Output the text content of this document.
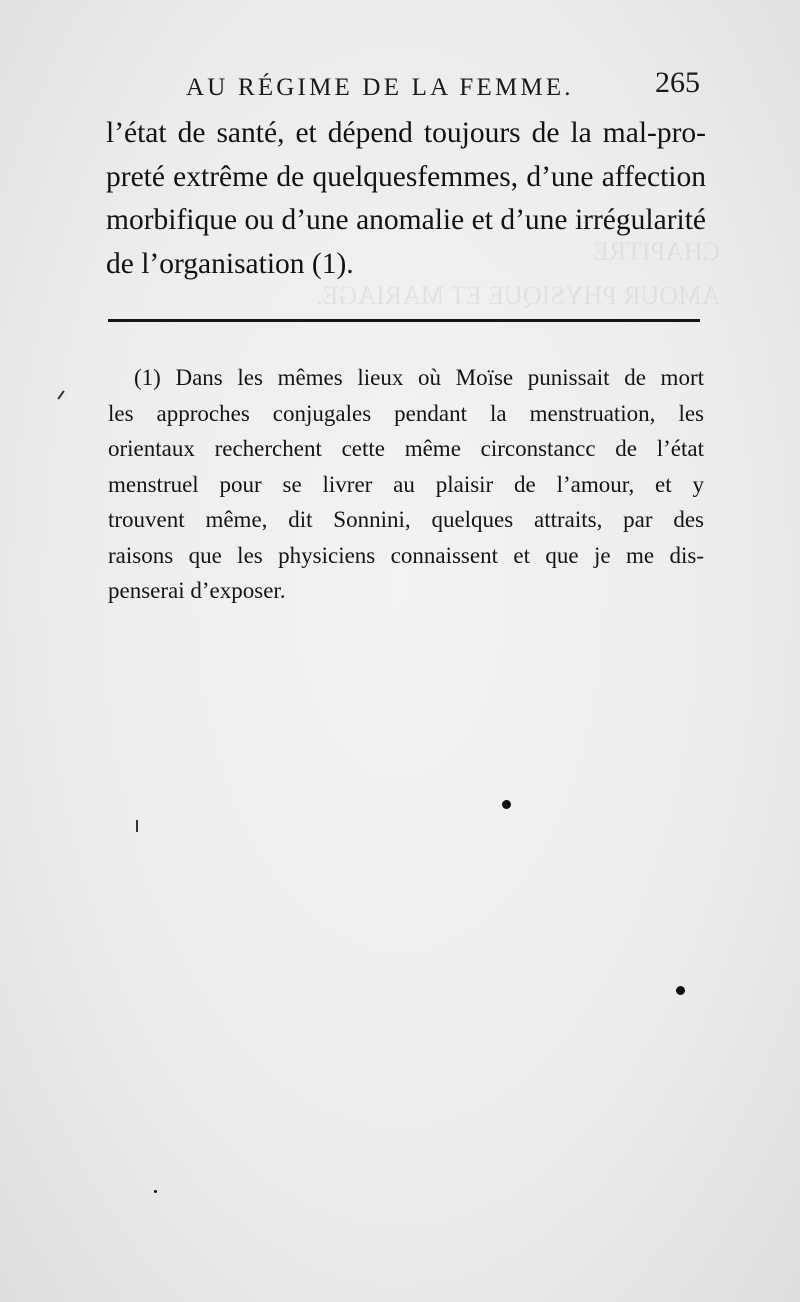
CHAPITRE
AMOUR PHYSIQUE ET MARIAGE.
AU RÉGIME DE LA FEMME.	265
l’état de santé, et dépend toujours de la mal-pro-
preté extrême de quelquesfemmes, d’une affection
morbifique ou d’une anomalie et d’une irrégularité
de l’organisation (1).
(1) Dans les mêmes lieux où Moïse punissait de mort
les approches conjugales pendant la menstruation, les
orientaux recherchent cette même circonstancc de l’état
menstruel pour se livrer au plaisir de l’amour, et y
trouvent même, dit Sonnini, quelques attraits, par des
raisons que les physiciens connaissent et que je me dis-
penserai d’exposer.
